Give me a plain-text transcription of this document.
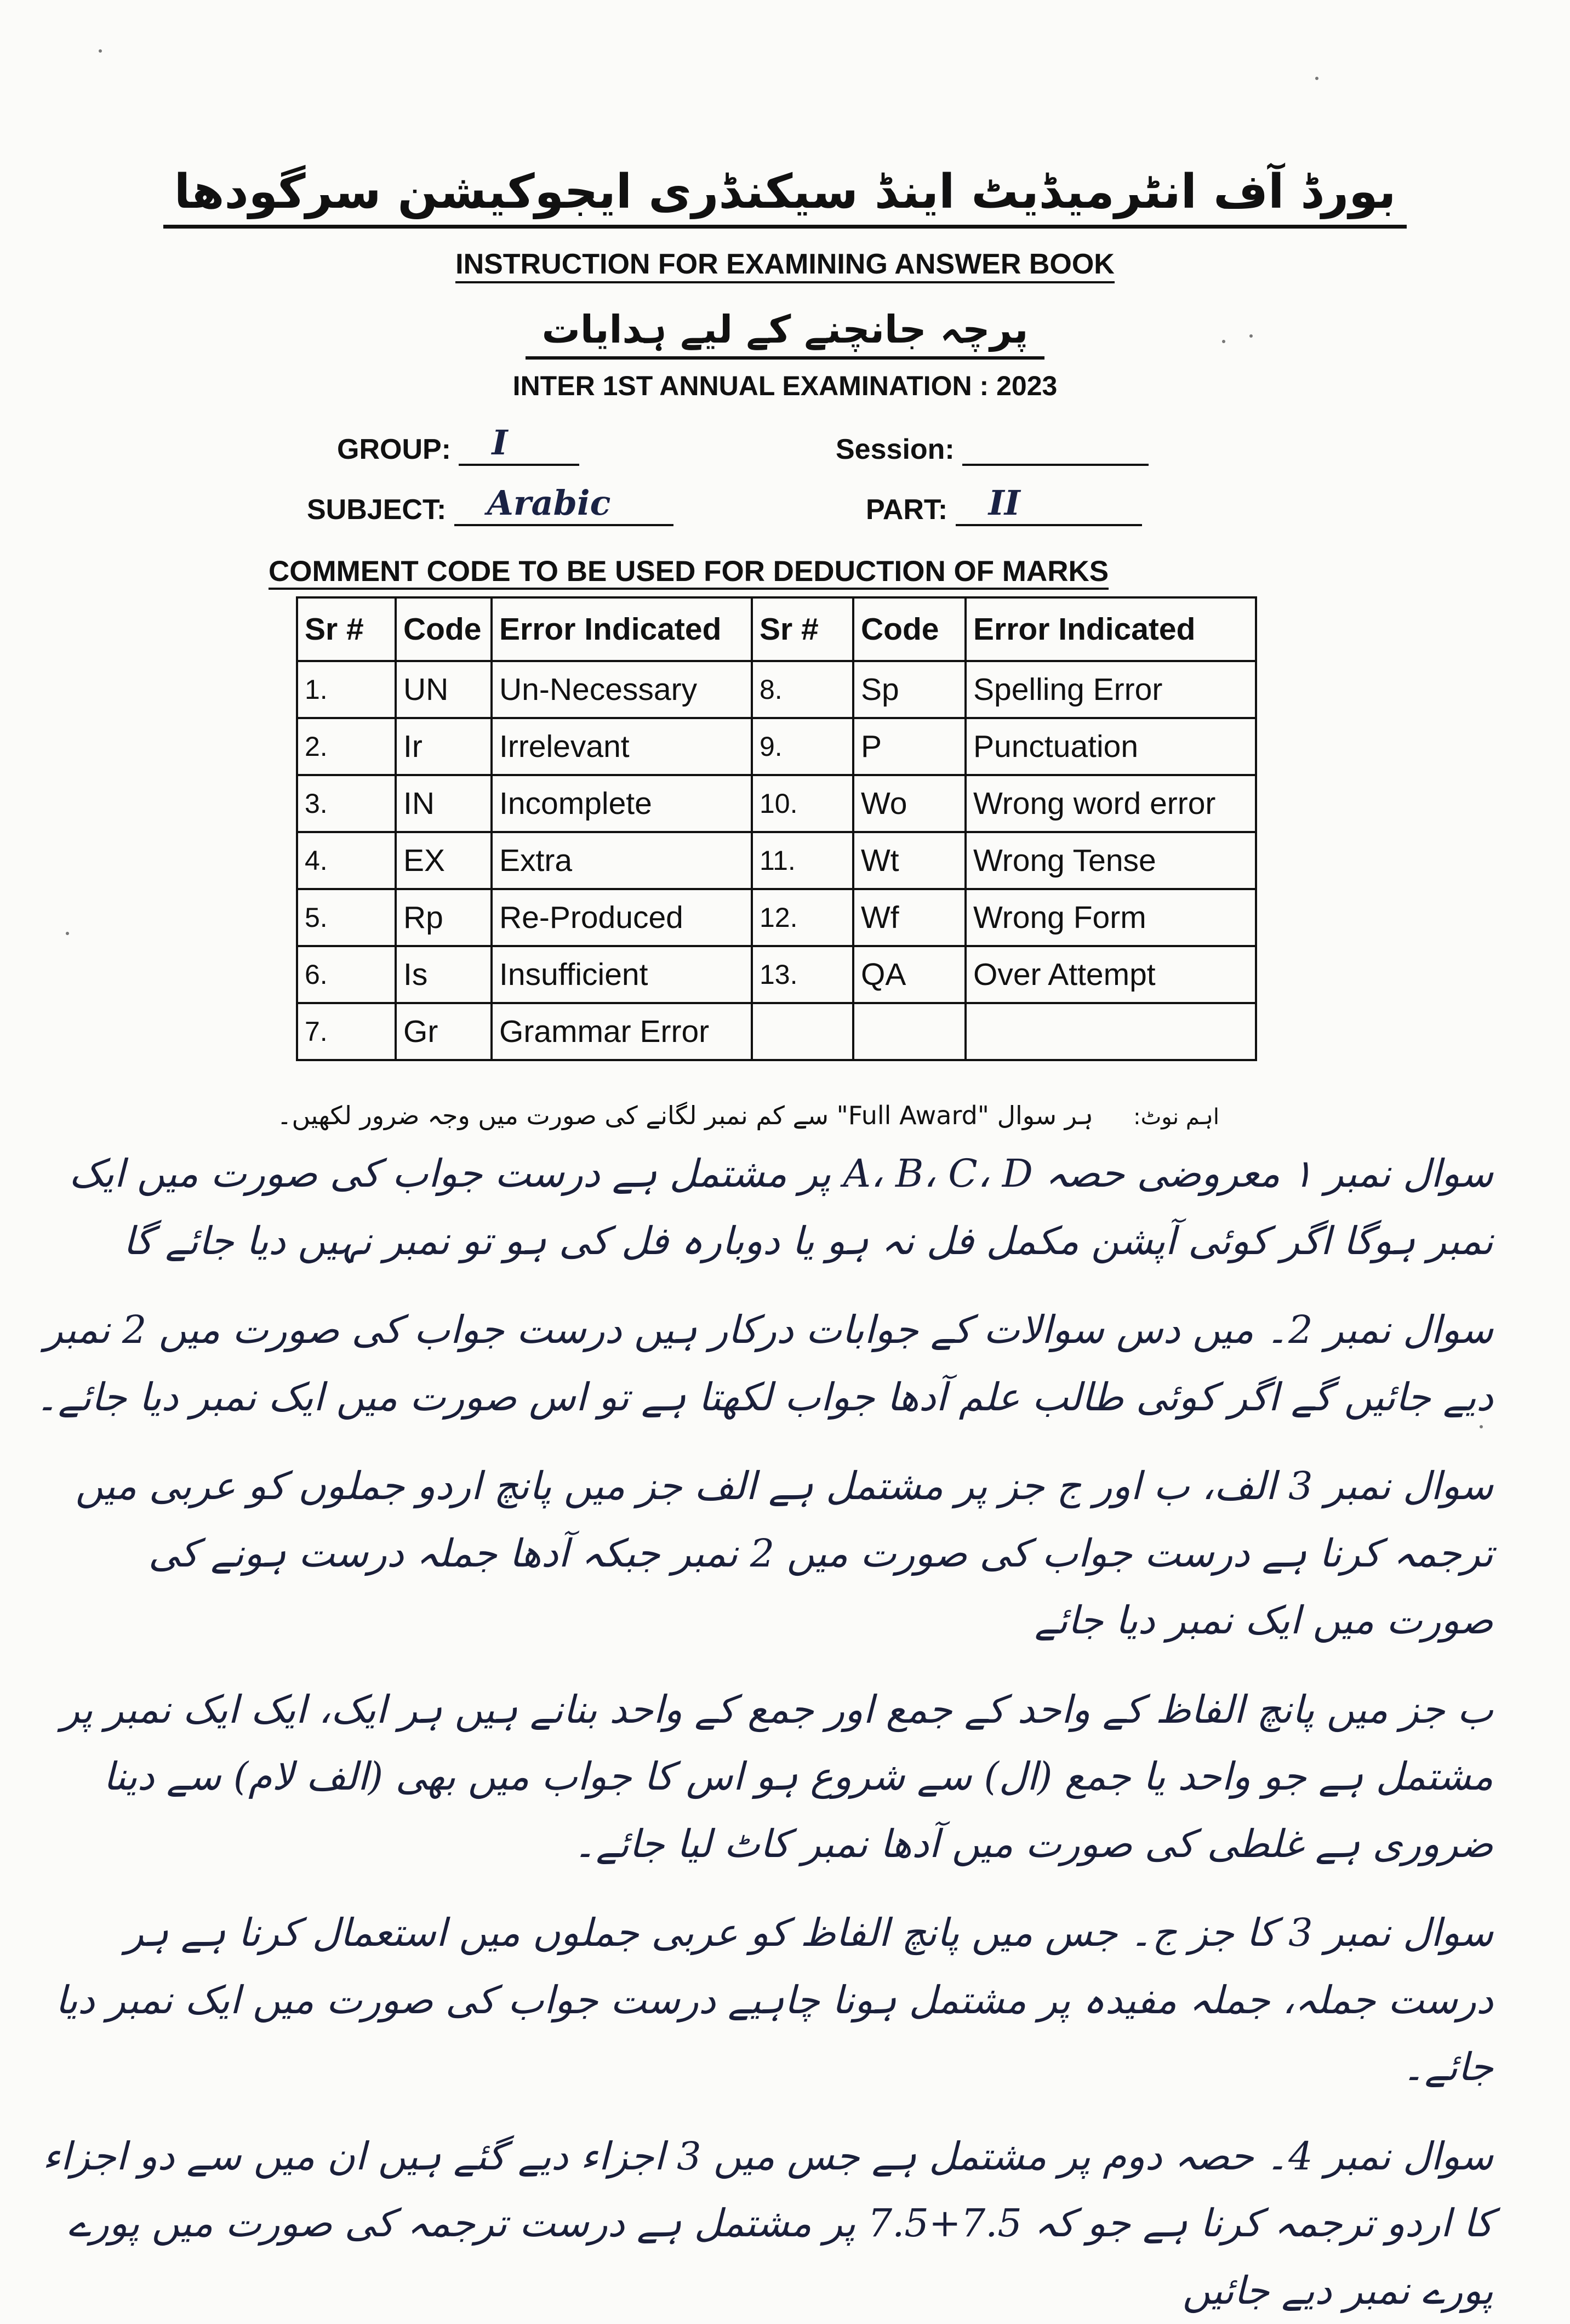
بورڈ آف انٹرمیڈیٹ اینڈ سیکنڈری ایجوکیشن سرگودھا
INSTRUCTION FOR EXAMINING ANSWER BOOK
پرچہ جانچنے کے لیے ہدایات
INTER 1ST ANNUAL EXAMINATION : 2023
GROUP: I	Session:
SUBJECT: Arabic	PART: II
COMMENT CODE TO BE USED FOR DEDUCTION OF MARKS
Sr #	Code	Error Indicated	Sr #	Code	Error Indicated
1.	UN	Un-Necessary	8.	Sp	Spelling Error
2.	Ir	Irrelevant	9.	P	Punctuation
3.	IN	Incomplete	10.	Wo	Wrong word error
4.	EX	Extra	11.	Wt	Wrong Tense
5.	Rp	Re-Produced	12.	Wf	Wrong Form
6.	Is	Insufficient	13.	QA	Over Attempt
7.	Gr	Grammar Error			
اہم نوٹ:     ہر سوال "Full Award" سے کم نمبر لگانے کی صورت میں وجہ ضرور لکھیں۔

سوال نمبر ۱ معروضی حصہ A، B، C، D پر مشتمل ہے درست جواب کی صورت میں ایک نمبر ہوگا اگر کوئی آپشن مکمل فل نہ ہو یا دوبارہ فل کی ہو تو نمبر نہیں دیا جائے گا

سوال نمبر 2۔ میں دس سوالات کے جوابات درکار ہیں درست جواب کی صورت میں 2 نمبر دیے جائیں گے اگر کوئی طالب علم آدھا جواب لکھتا ہے تو اس صورت میں ایک نمبر دیا جائے۔

سوال نمبر 3 الف، ب اور ج جز پر مشتمل ہے الف جز میں پانچ اردو جملوں کو عربی میں ترجمہ کرنا ہے درست جواب کی صورت میں 2 نمبر جبکہ آدھا جملہ درست ہونے کی صورت میں ایک نمبر دیا جائے

ب جز میں پانچ الفاظ کے واحد کے جمع اور جمع کے واحد بنانے ہیں ہر ایک، ایک ایک نمبر پر مشتمل ہے جو واحد یا جمع (ال) سے شروع ہو اس کا جواب میں بھی (الف لام) سے دینا ضروری ہے غلطی کی صورت میں آدھا نمبر کاٹ لیا جائے۔

سوال نمبر 3 کا جز ج۔ جس میں پانچ الفاظ کو عربی جملوں میں استعمال کرنا ہے ہر درست جملہ، جملہ مفیدہ پر مشتمل ہونا چاہیے درست جواب کی صورت میں ایک نمبر دیا جائے۔

سوال نمبر 4۔ حصہ دوم پر مشتمل ہے جس میں 3 اجزاء دیے گئے ہیں ان میں سے دو اجزاء کا اردو ترجمہ کرنا ہے جو کہ 7.5+7.5 پر مشتمل ہے درست ترجمہ کی صورت میں پورے پورے نمبر دیے جائیں
